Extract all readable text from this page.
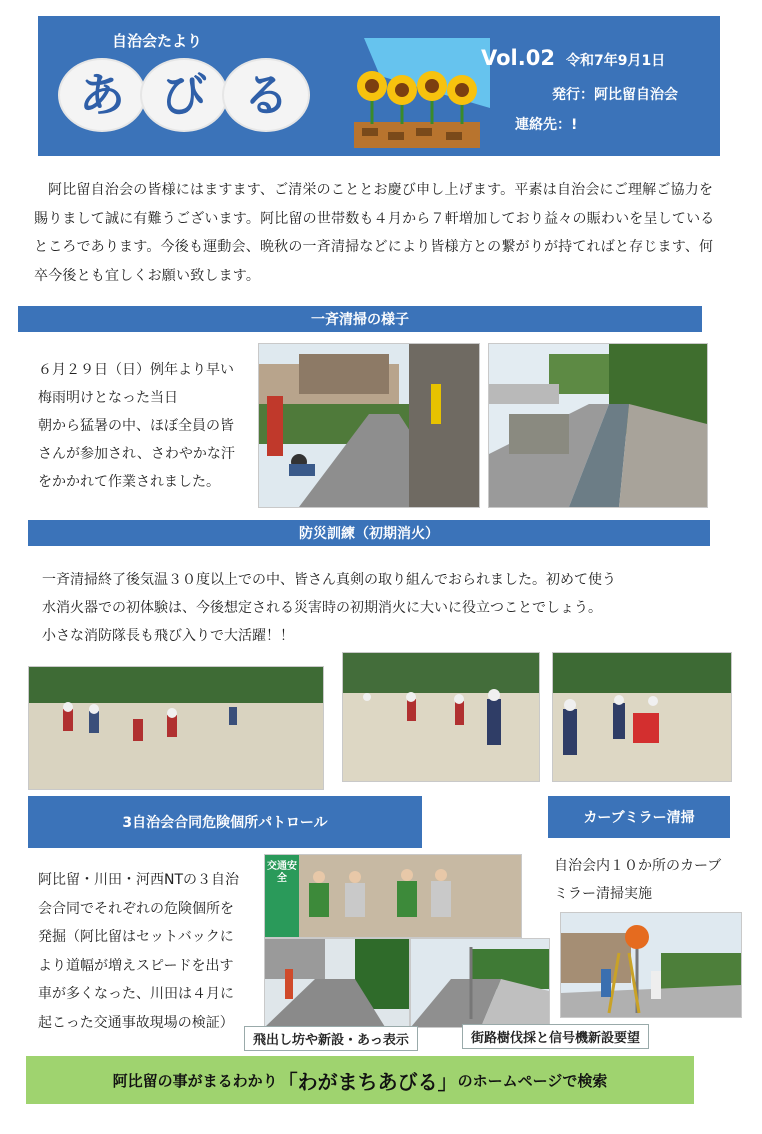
自治会たより
あ び る
Vol.02 令和7年9月1日
発行：阿比留自治会
連絡先：!
阿比留自治会の皆様にはますます、ご清栄のこととお慶び申し上げます。平素は自治会にご理解ご協力を賜りまして誠に有難うございます。阿比留の世帯数も４月から７軒増加しており益々の賑わいを呈しているところであります。今後も運動会、晩秋の一斉清掃などにより皆様方との繋がりが持てればと存じます、何卒今後とも宜しくお願い致します。
一斉清掃の様子
６月２９日（日）例年より早い
梅雨明けとなった当日
朝から猛暑の中、ほぼ全員の皆
さんが参加され、さわやかな汗
をかかれて作業されました。
防災訓練（初期消火）
一斉清掃終了後気温３０度以上での中、皆さん真剣の取り組んでおられました。初めて使う
水消火器での初体験は、今後想定される災害時の初期消火に大いに役立つことでしょう。
小さな消防隊長も飛び入りで大活躍！！
3自治会合同危険個所パトロール
阿比留・川田・河西NTの３自治
会合同でそれぞれの危険個所を
発掘（阿比留はセットバックに
より道幅が増えスピードを出す
車が多くなった、川田は４月に
起こった交通事故現場の検証）
交通安全
飛出し坊や新設・あっ表示	街路樹伐採と信号機新設要望
カーブミラー清掃
自治会内１０か所のカーブ
ミラー清掃実施
阿比留の事がまるわかり 「わがまちあびる」 のホームページで検索
